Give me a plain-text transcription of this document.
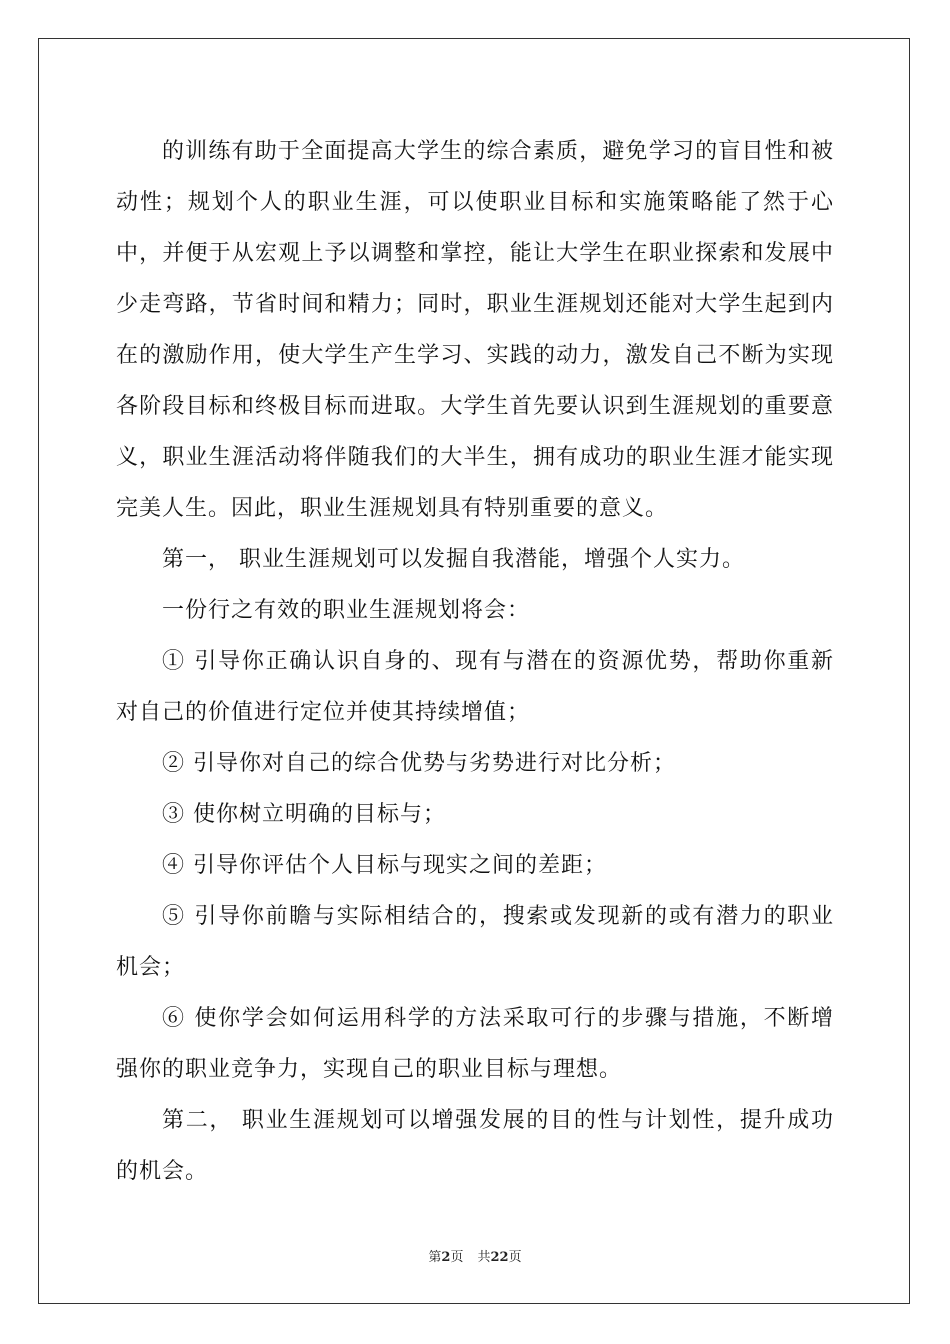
的训练有助于全面提高大学生的综合素质，避免学习的盲目性和被动性；规划个人的职业生涯，可以使职业目标和实施策略能了然于心中，并便于从宏观上予以调整和掌控，能让大学生在职业探索和发展中少走弯路，节省时间和精力；同时，职业生涯规划还能对大学生起到内在的激励作用，使大学生产生学习、实践的动力，激发自己不断为实现各阶段目标和终极目标而进取。大学生首先要认识到生涯规划的重要意义，职业生涯活动将伴随我们的大半生，拥有成功的职业生涯才能实现完美人生。因此，职业生涯规划具有特别重要的意义。

第一， 职业生涯规划可以发掘自我潜能，增强个人实力。

一份行之有效的职业生涯规划将会：

① 引导你正确认识自身的、现有与潜在的资源优势，帮助你重新对自己的价值进行定位并使其持续增值；

② 引导你对自己的综合优势与劣势进行对比分析；

③ 使你树立明确的目标与；

④ 引导你评估个人目标与现实之间的差距；

⑤ 引导你前瞻与实际相结合的，搜索或发现新的或有潜力的职业机会；

⑥ 使你学会如何运用科学的方法采取可行的步骤与措施，不断增强你的职业竞争力，实现自己的职业目标与理想。

第二， 职业生涯规划可以增强发展的目的性与计划性，提升成功的机会。

第2页 共22页
